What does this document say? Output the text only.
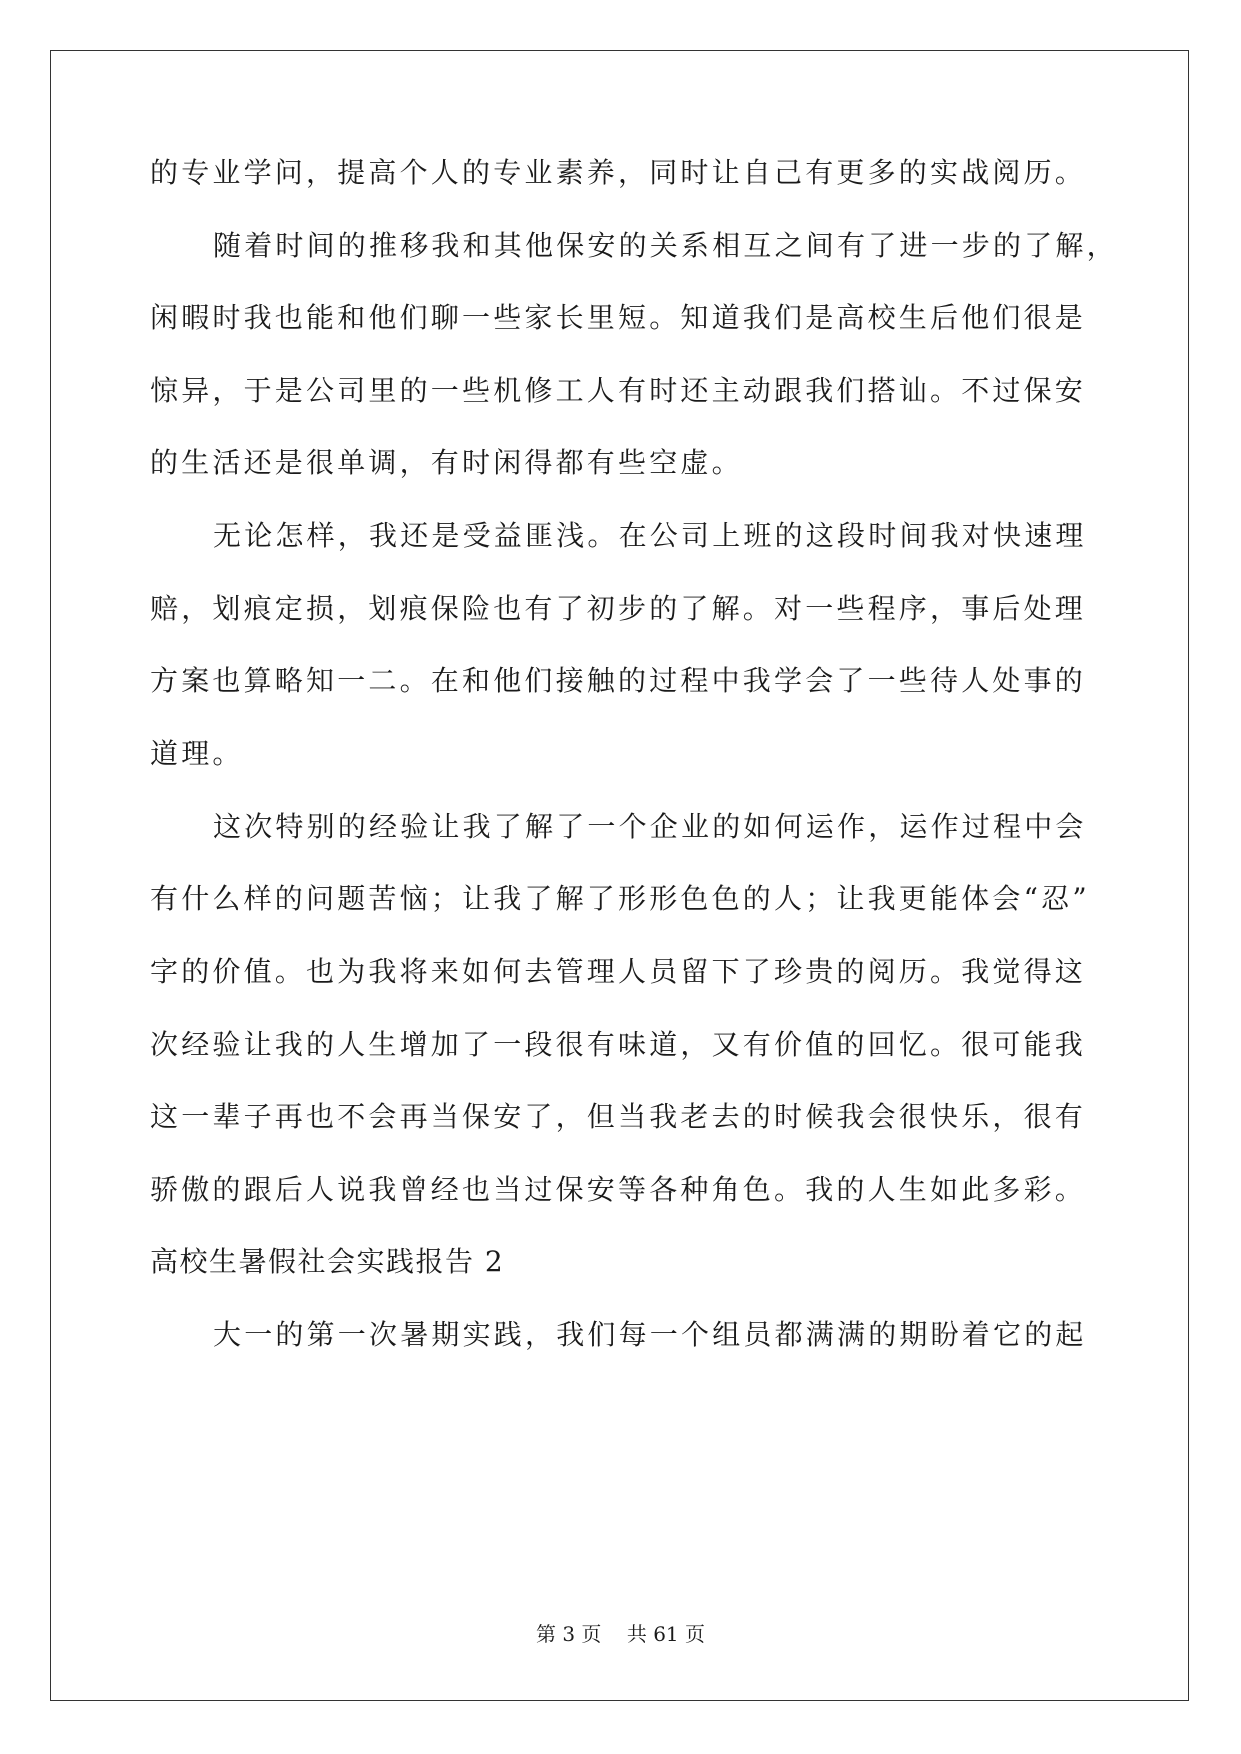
的专业学问，提高个人的专业素养，同时让自己有更多的实战阅历。
随着时间的推移我和其他保安的关系相互之间有了进一步的了解，
闲暇时我也能和他们聊一些家长里短。知道我们是高校生后他们很是
惊异，于是公司里的一些机修工人有时还主动跟我们搭讪。不过保安
的生活还是很单调，有时闲得都有些空虚。
无论怎样，我还是受益匪浅。在公司上班的这段时间我对快速理
赔，划痕定损，划痕保险也有了初步的了解。对一些程序，事后处理
方案也算略知一二。在和他们接触的过程中我学会了一些待人处事的
道理。
这次特别的经验让我了解了一个企业的如何运作，运作过程中会
有什么样的问题苦恼；让我了解了形形色色的人；让我更能体会“忍”
字的价值。也为我将来如何去管理人员留下了珍贵的阅历。我觉得这
次经验让我的人生增加了一段很有味道，又有价值的回忆。很可能我
这一辈子再也不会再当保安了，但当我老去的时候我会很快乐，很有
骄傲的跟后人说我曾经也当过保安等各种角色。我的人生如此多彩。
高校生暑假社会实践报告 2
大一的第一次暑期实践，我们每一个组员都满满的期盼着它的起
第 3 页    共 61 页
